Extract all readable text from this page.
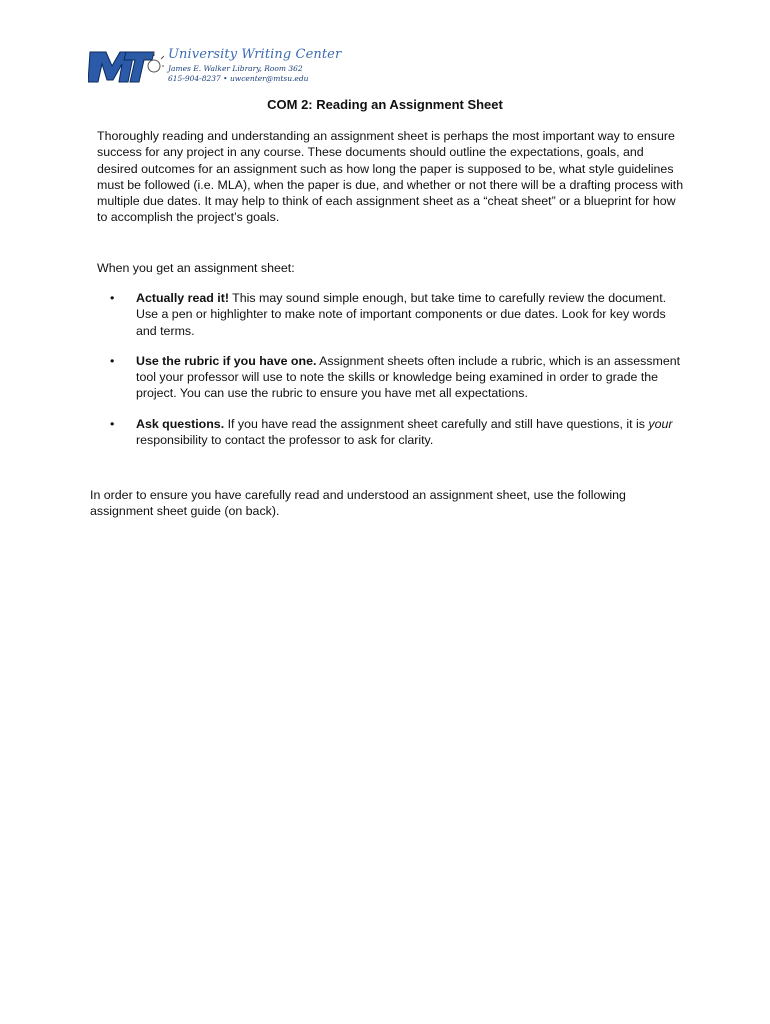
University Writing Center
James E. Walker Library, Room 362
615-904-8237 • uwcenter@mtsu.edu
COM 2: Reading an Assignment Sheet
Thoroughly reading and understanding an assignment sheet is perhaps the most important way to ensure success for any project in any course. These documents should outline the expectations, goals, and desired outcomes for an assignment such as how long the paper is supposed to be, what style guidelines must be followed (i.e. MLA), when the paper is due, and whether or not there will be a drafting process with multiple due dates. It may help to think of each assignment sheet as a “cheat sheet” or a blueprint for how to accomplish the project’s goals.
When you get an assignment sheet:
•	Actually read it! This may sound simple enough, but take time to carefully review the document. Use a pen or highlighter to make note of important components or due dates. Look for key words and terms.
•	Use the rubric if you have one. Assignment sheets often include a rubric, which is an assessment tool your professor will use to note the skills or knowledge being examined in order to grade the project. You can use the rubric to ensure you have met all expectations.
•	Ask questions. If you have read the assignment sheet carefully and still have questions, it is your responsibility to contact the professor to ask for clarity.
In order to ensure you have carefully read and understood an assignment sheet, use the following assignment sheet guide (on back).
